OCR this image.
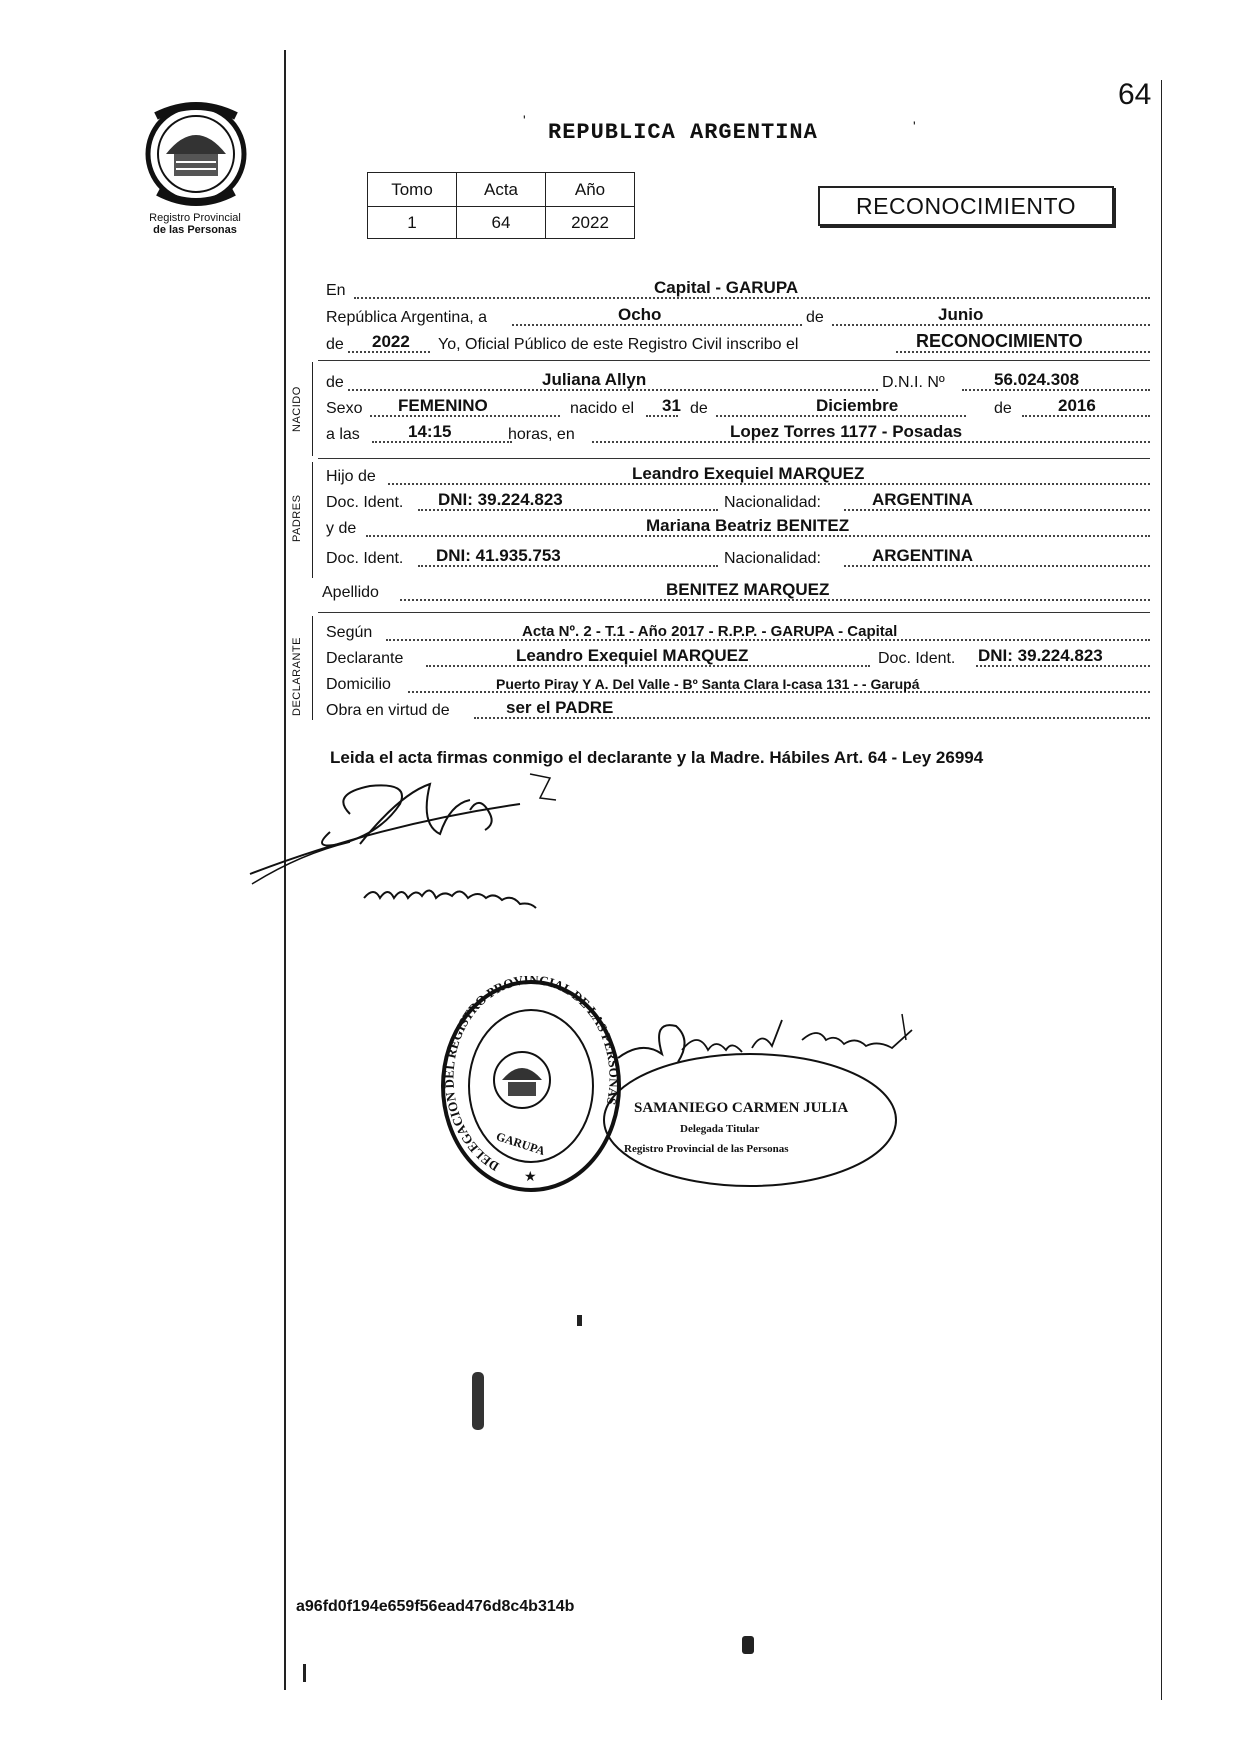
64
Registro Provincial
de las Personas
REPUBLICA ARGENTINA
'	'
Tomo	Acta	Año
1	64	2022
RECONOCIMIENTO
En	Capital - GARUPA
República Argentina, a	Ocho	de	Junio
de 2022 Yo, Oficial Público de este Registro Civil inscribo el	RECONOCIMIENTO
NACIDO
de	Juliana Allyn	D.N.I. Nº	56.024.308
Sexo FEMENINO	nacido el 31 de	Diciembre	de	2016
a las	14:15	horas, en	Lopez Torres 1177 - Posadas
PADRES
Hijo de	Leandro Exequiel MARQUEZ
Doc. Ident. DNI: 39.224.823	Nacionalidad:	ARGENTINA
y de	Mariana Beatriz BENITEZ
Doc. Ident. DNI: 41.935.753	Nacionalidad:	ARGENTINA
Apellido	BENITEZ MARQUEZ
DECLARANTE
Según	Acta Nº. 2 - T.1 - Año 2017 - R.P.P. - GARUPA - Capital
Declarante	Leandro Exequiel MARQUEZ	Doc. Ident. DNI: 39.224.823
Domicilio	Puerto Piray Y A. Del Valle - Bº Santa Clara I-casa 131 - - Garupá
Obra en virtud de	ser el PADRE
Leida el acta firmas conmigo el declarante y la Madre. Hábiles Art. 64 - Ley 26994
DELEGACION DEL REGISTRO PROVINCIAL DE LAS PERSONAS
GARUPA
★
SAMANIEGO CARMEN JULIA
Delegada Titular
Registro Provincial de las Personas
a96fd0f194e659f56ead476d8c4b314b
